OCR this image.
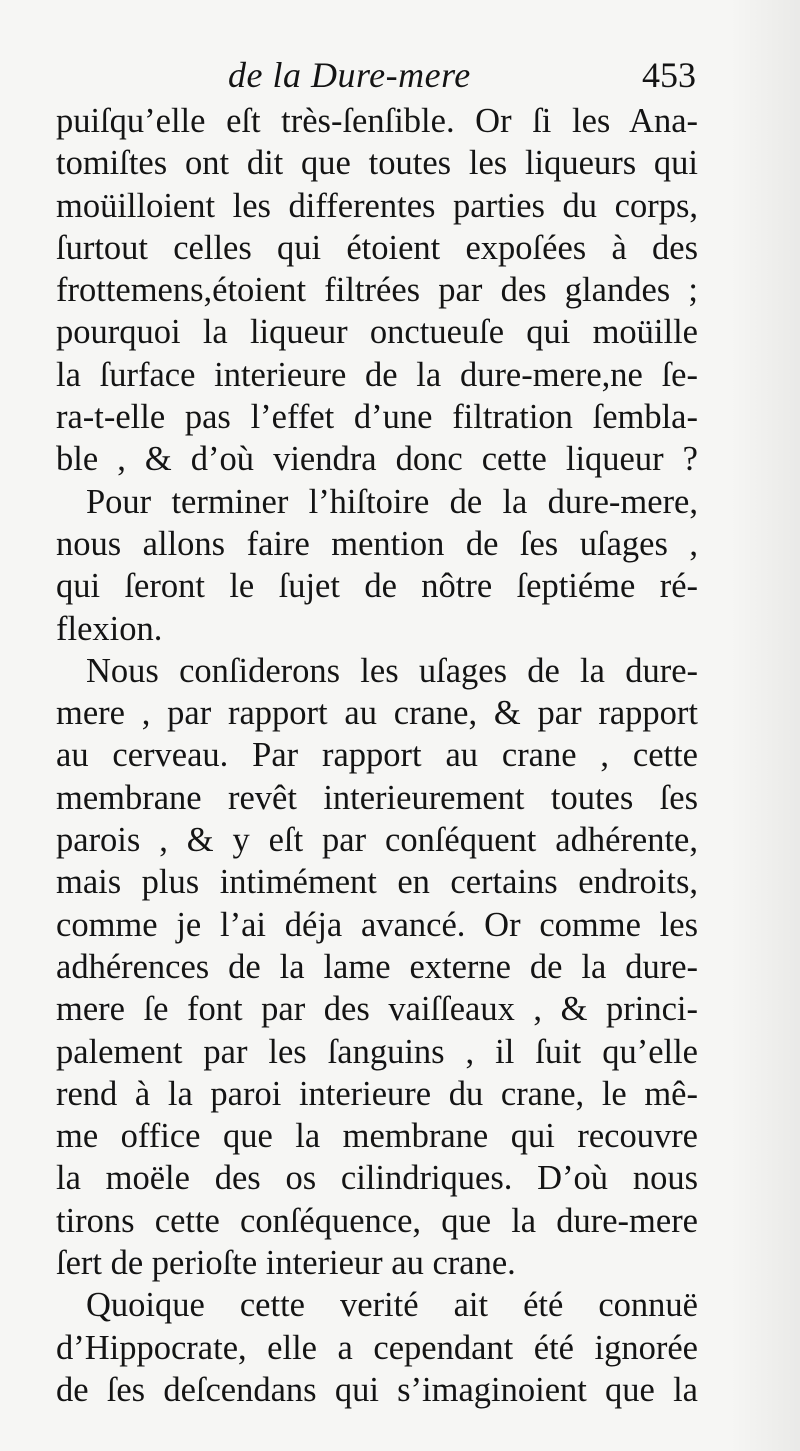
de la Dure-mere	453
puiſqu’elle eſt très-ſenſible. Or ſi les Ana-
tomiſtes ont dit que toutes les liqueurs qui
moüilloient les differentes parties du corps,
ſurtout celles qui étoient expoſées à des
frottemens,étoient filtrées par des glandes ;
pourquoi la liqueur onctueuſe qui moüille
la ſurface interieure de la dure-mere,ne ſe-
ra-t-elle pas l’effet d’une filtration ſembla-
ble , & d’où viendra donc cette liqueur ?
Pour terminer l’hiſtoire de la dure-mere,
nous allons faire mention de ſes uſages ,
qui ſeront le ſujet de nôtre ſeptiéme ré-
flexion.
Nous conſiderons les uſages de la dure-
mere , par rapport au crane, & par rapport
au cerveau. Par rapport au crane , cette
membrane revêt interieurement toutes ſes
parois , & y eſt par conſéquent adhérente,
mais plus intimément en certains endroits,
comme je l’ai déja avancé. Or comme les
adhérences de la lame externe de la dure-
mere ſe font par des vaiſſeaux , & princi-
palement par les ſanguins , il ſuit qu’elle
rend à la paroi interieure du crane, le mê-
me office que la membrane qui recouvre
la moële des os cilindriques. D’où nous
tirons cette conſéquence, que la dure-mere
ſert de perioſte interieur au crane.
Quoique cette verité ait été connuë
d’Hippocrate, elle a cependant été ignorée
de ſes deſcendans qui s’imaginoient que la
